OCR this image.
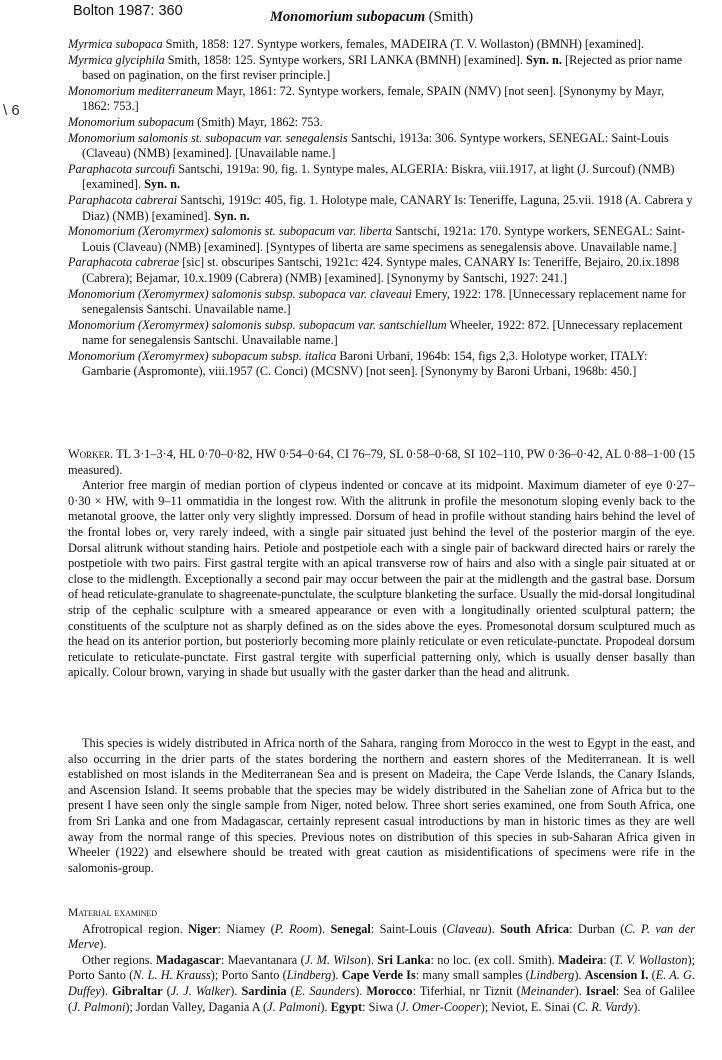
Bolton 1987: 360	Monomorium subopacum (Smith)
\ 6

Myrmica subopaca Smith, 1858: 127. Syntype workers, females, MADEIRA (T. V. Wollaston) (BMNH) [examined].

Myrmica glyciphila Smith, 1858: 125. Syntype workers, SRI LANKA (BMNH) [examined]. Syn. n. [Rejected as prior name based on pagination, on the first reviser principle.]

Monomorium mediterraneum Mayr, 1861: 72. Syntype workers, female, SPAIN (NMV) [not seen]. [Synonymy by Mayr, 1862: 753.]

Monomorium subopacum (Smith) Mayr, 1862: 753.

Monomorium salomonis st. subopacum var. senegalensis Santschi, 1913a: 306. Syntype workers, SENEGAL: Saint-Louis (Claveau) (NMB) [examined]. [Unavailable name.]

Paraphacota surcoufi Santschi, 1919a: 90, fig. 1. Syntype males, ALGERIA: Biskra, viii.1917, at light (J. Surcouf) (NMB) [examined]. Syn. n.

Paraphacota cabrerai Santschi, 1919c: 405, fig. 1. Holotype male, CANARY Is: Teneriffe, Laguna, 25.vii. 1918 (A. Cabrera y Diaz) (NMB) [examined]. Syn. n.

Monomorium (Xeromyrmex) salomonis st. subopacum var. liberta Santschi, 1921a: 170. Syntype workers, SENEGAL: Saint-Louis (Claveau) (NMB) [examined]. [Syntypes of liberta are same specimens as senegalensis above. Unavailable name.]

Paraphacota cabrerae [sic] st. obscuripes Santschi, 1921c: 424. Syntype males, CANARY Is: Teneriffe, Bejairo, 20.ix.1898 (Cabrera); Bejamar, 10.x.1909 (Cabrera) (NMB) [examined]. [Synonymy by Santschi, 1927: 241.]

Monomorium (Xeromyrmex) salomonis subsp. subopaca var. claveaui Emery, 1922: 178. [Unnecessary replacement name for senegalensis Santschi. Unavailable name.]

Monomorium (Xeromyrmex) salomonis subsp. subopacum var. santschiellum Wheeler, 1922: 872. [Unnecessary replacement name for senegalensis Santschi. Unavailable name.]

Monomorium (Xeromyrmex) subopacum subsp. italica Baroni Urbani, 1964b: 154, figs 2,3. Holotype worker, ITALY: Gambarie (Aspromonte), viii.1957 (C. Conci) (MCSNV) [not seen]. [Synonymy by Baroni Urbani, 1968b: 450.]

Worker. TL 3·1–3·4, HL 0·70–0·82, HW 0·54–0·64, CI 76–79, SL 0·58–0·68, SI 102–110, PW 0·36–0·42, AL 0·88–1·00 (15 measured).

Anterior free margin of median portion of clypeus indented or concave at its midpoint. Maximum diameter of eye 0·27–0·30 × HW, with 9–11 ommatidia in the longest row. With the alitrunk in profile the mesonotum sloping evenly back to the metanotal groove, the latter only very slightly impressed. Dorsum of head in profile without standing hairs behind the level of the frontal lobes or, very rarely indeed, with a single pair situated just behind the level of the posterior margin of the eye. Dorsal alitrunk without standing hairs. Petiole and postpetiole each with a single pair of backward directed hairs or rarely the postpetiole with two pairs. First gastral tergite with an apical transverse row of hairs and also with a single pair situated at or close to the midlength. Exceptionally a second pair may occur between the pair at the midlength and the gastral base. Dorsum of head reticulate-granulate to shagreenate-punctulate, the sculpture blanketing the surface. Usually the mid-dorsal longitudinal strip of the cephalic sculpture with a smeared appearance or even with a longitudinally oriented sculptural pattern; the constituents of the sculpture not as sharply defined as on the sides above the eyes. Promesonotal dorsum sculptured much as the head on its anterior portion, but posteriorly becoming more plainly reticulate or even reticulate-punctate. Propodeal dorsum reticulate to reticulate-punctate. First gastral tergite with superficial patterning only, which is usually denser basally than apically. Colour brown, varying in shade but usually with the gaster darker than the head and alitrunk.

This species is widely distributed in Africa north of the Sahara, ranging from Morocco in the west to Egypt in the east, and also occurring in the drier parts of the states bordering the northern and eastern shores of the Mediterranean. It is well established on most islands in the Mediterranean Sea and is present on Madeira, the Cape Verde Islands, the Canary Islands, and Ascension Island. It seems probable that the species may be widely distributed in the Sahelian zone of Africa but to the present I have seen only the single sample from Niger, noted below. Three short series examined, one from South Africa, one from Sri Lanka and one from Madagascar, certainly represent casual introductions by man in historic times as they are well away from the normal range of this species. Previous notes on distribution of this species in sub-Saharan Africa given in Wheeler (1922) and elsewhere should be treated with great caution as misidentifications of specimens were rife in the salomonis-group.

Material examined

Afrotropical region. Niger: Niamey (P. Room). Senegal: Saint-Louis (Claveau). South Africa: Durban (C. P. van der Merve).

Other regions. Madagascar: Maevantanara (J. M. Wilson). Sri Lanka: no loc. (ex coll. Smith). Madeira: (T. V. Wollaston); Porto Santo (N. L. H. Krauss); Porto Santo (Lindberg). Cape Verde Is: many small samples (Lindberg). Ascension I. (E. A. G. Duffey). Gibraltar (J. J. Walker). Sardinia (E. Saunders). Morocco: Tiferhial, nr Tiznit (Meinander). Israel: Sea of Galilee (J. Palmoni); Jordan Valley, Dagania A (J. Palmoni). Egypt: Siwa (J. Omer-Cooper); Neviot, E. Sinai (C. R. Vardy).
